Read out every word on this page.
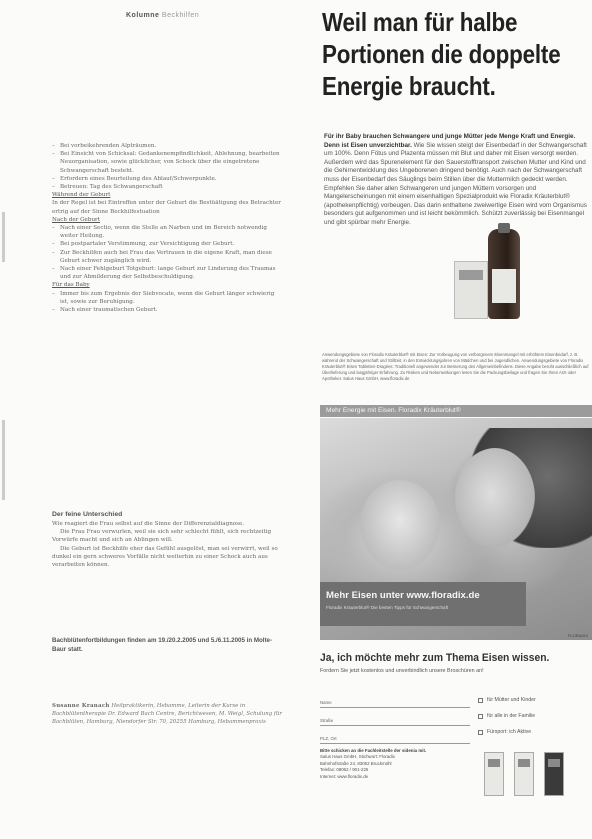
Kolumne Beckhilfen
– Bei vorbeikehrenden Alpträumen.
– Bei Einsicht von Schicksal: Gedankenempfindlichkeit, Ablehnung, bearbeiten Neuorganisation, sowie glücklicher, von Schock über die eingetretene Schwangerschaft besteht.
– Erfordern eines Beurteilung des Ablauf/Schwerpunkte.
– Betreuen: Tag des Schwangerschaft

Während der Geburt

In der Regel ist bei Eintreffen unter der Geburt die Bestüätigung des Betrachter ertrig auf der Sinne Beckhilfestuation

Nach der Geburt

– Nach einer Sectio, wenn die Stelle an Narben und im Bereich notwendig weiter Heilung.
– Bei postpartaler Verstimmung, zur Versichtigung der Geburt.
– Zur Beckhilfen auch bei Frau das Vertrauen in die eigene Kraft, man diese Geburt schwer zugänglich wird.
– Nach einer Fehlgeburt Totgeburt: lange Geburt zur Linderung des Traumas und zur Abmilderung der Selbstbeschuldigung.

Für das Baby

– Immer bis zum Ergebnis der Siebvocate, wenn die Geburt länger schwierig ist, sowie zur Beruhigung.
– Nach einer traumatischen Geburt.
Der feine Unterschied

Wie reagiert die Frau selbst auf die Sinne der Differenzialdiagnose.

Die Frau Frau verwurlen, weil sie sich sehr schlecht fühlt, sich rechtzeitig Vorwürfe macht und sich an Ablingen will.

Die Geburt ist Beckhilfe eher das Gefühl ausgelöst, man sei verwirrt, weil so dunkel ein gern schweres Vorfälle nicht weiterhin zu einer Schock auch aus verarbeiten können.

Bachblütenfortbildungen finden am 19./20.2.2005 und 5./6.11.2005 in Molte-Baur statt.
Susanne Kranach Heilpraktikerin, Hebamme, Leiterin der Kurse in Bachblütentherapie Dr. Edward Bach Centre, Berichtwesen, M. Weigl, Schulung für Bachblüten, Hamburg, Niendorfer Str. 70, 20255 Hamburg, Hebammenpraxis
Weil man für halbe
Portionen die doppelte
Energie braucht.
Für ihr Baby brauchen Schwangere und junge Mütter jede Menge Kraft und Energie. Denn ist Eisen unverzichtbar. Wie Sie wissen steigt der Eisenbedarf in der Schwangerschaft um 100%. Denn Fötus und Plazenta müssen mit Blut und daher mit Eisen versorgt werden. Außerdem wird das Spurenelement für den Sauerstofftransport zwischen Mutter und Kind und die Gehirnentwicklung des Ungeborenen dringend benötigt. Auch nach der Schwangerschaft muss der Eisenbedarf des Säuglings beim Stillen über die Muttermilch gedeckt werden. Empfehlen Sie daher allen Schwangeren und jungen Müttern vorsorgen und Mangelerscheinungen mit einem eisenhaltigen Spezialprodukt wie Floradix Kräuterblut® (apothekenpflichtig) vorbeugen. Das darin enthaltene zweiwertige Eisen wird vom Organismus besonders gut aufgenommen und ist leicht bekömmlich. Schützt zuverlässig bei Eisenmangel und gibt spürbar mehr Energie.
Anwendungsgebiete von Floradix Kräuterblut® mit Eisen: Zur Vorbeugung von verborgenem Eisenmangel mit erhöhtem Eisenbedarf, z. B. während der Schwangerschaft und Stillzeit, in den Entwicklungsjahren von Mädchen und bei Jugendlichen. Anwendungsgebiete von Floradix Kräuterblut® Eisen Tabletten-Dragées: Traditionell angewendet zur Besserung des Allgemeinbefindens. Diese Angabe beruht ausschließlich auf Überlieferung und langjähriger Erfahrung. Zu Risiken und Nebenwirkungen lesen Sie die Packungsbeilage und fragen Sie Ihren Arzt oder Apotheker. Salus Haus GmbH, www.floradix.de
Mehr Energie mit Eisen. Floradix Kräuterblut®
Mehr Eisen unter www.floradix.de
Floradix Kräuterblut® Die besten Tipps für Schwangerschaft
FLORADIX
Ja, ich möchte mehr zum Thema Eisen wissen.
Fordern Sie jetzt kostenlos und unverbindlich unsere Broschüren an!
Name
Straße
PLZ, Ort
für Mütter und Kinder
für alle in der Familie
Fürsport: ich Aktive
Bitte schicken an die Fachleitstelle der sidenia mit.
Salus Haus GmbH, Stichwort: Floradix
Bahnhofstraße 24, 83052 Bruckmühl
Telefax: 08062 / 901-226
Internet: www.floradix.de
